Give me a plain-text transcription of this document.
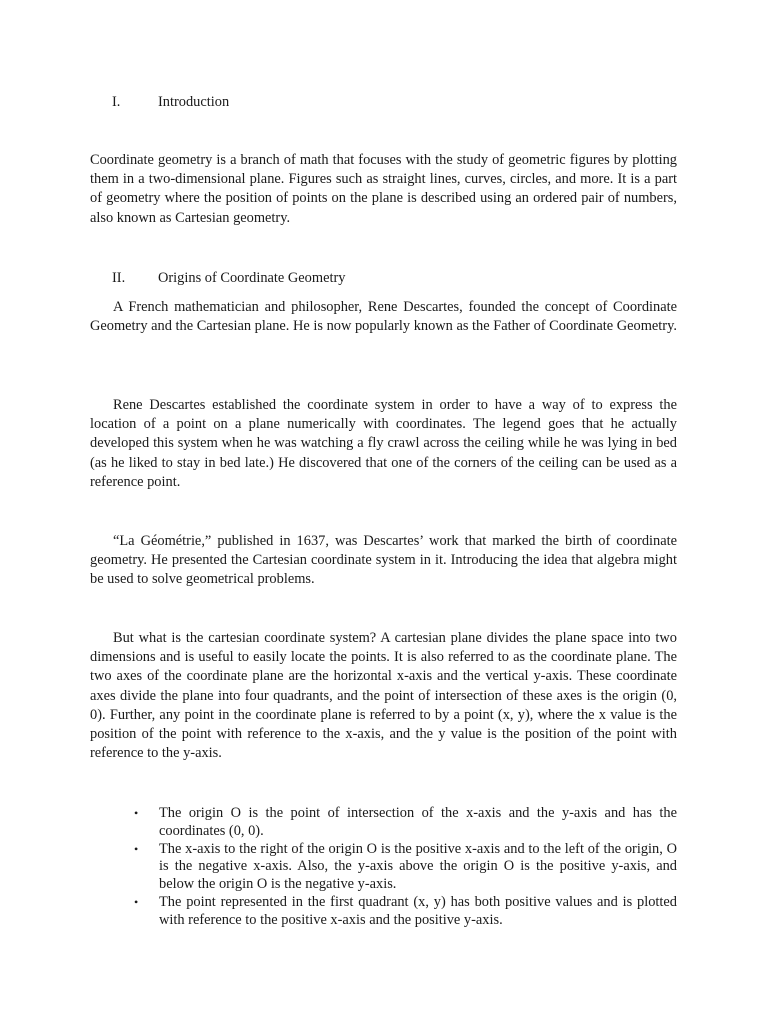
I.	Introduction

Coordinate geometry is a branch of math that focuses with the study of geometric figures by plotting them in a two-dimensional plane. Figures such as straight lines, curves, circles, and more. It is a part of geometry where the position of points on the plane is described using an ordered pair of numbers, also known as Cartesian geometry.

II. Origins of Coordinate Geometry

A French mathematician and philosopher, Rene Descartes, founded the concept of Coordinate Geometry and the Cartesian plane. He is now popularly known as the Father of Coordinate Geometry.

Rene Descartes established the coordinate system in order to have a way of to express the location of a point on a plane numerically with coordinates. The legend goes that he actually developed this system when he was watching a fly crawl across the ceiling while he was lying in bed (as he liked to stay in bed late.) He discovered that one of the corners of the ceiling can be used as a reference point.

“La Géométrie,” published in 1637, was Descartes’ work that marked the birth of coordinate geometry. He presented the Cartesian coordinate system in it. Introducing the idea that algebra might be used to solve geometrical problems.

But what is the cartesian coordinate system? A cartesian plane divides the plane space into two dimensions and is useful to easily locate the points. It is also referred to as the coordinate plane. The two axes of the coordinate plane are the horizontal x-axis and the vertical y-axis. These coordinate axes divide the plane into four quadrants, and the point of intersection of these axes is the origin (0, 0). Further, any point in the coordinate plane is referred to by a point (x, y), where the x value is the position of the point with reference to the x-axis, and the y value is the position of the point with reference to the y-axis.

• The origin O is the point of intersection of the x-axis and the y-axis and has the coordinates (0, 0).
• The x-axis to the right of the origin O is the positive x-axis and to the left of the origin, O is the negative x-axis. Also, the y-axis above the origin O is the positive y-axis, and below the origin O is the negative y-axis.
• The point represented in the first quadrant (x, y) has both positive values and is plotted with reference to the positive x-axis and the positive y-axis.
